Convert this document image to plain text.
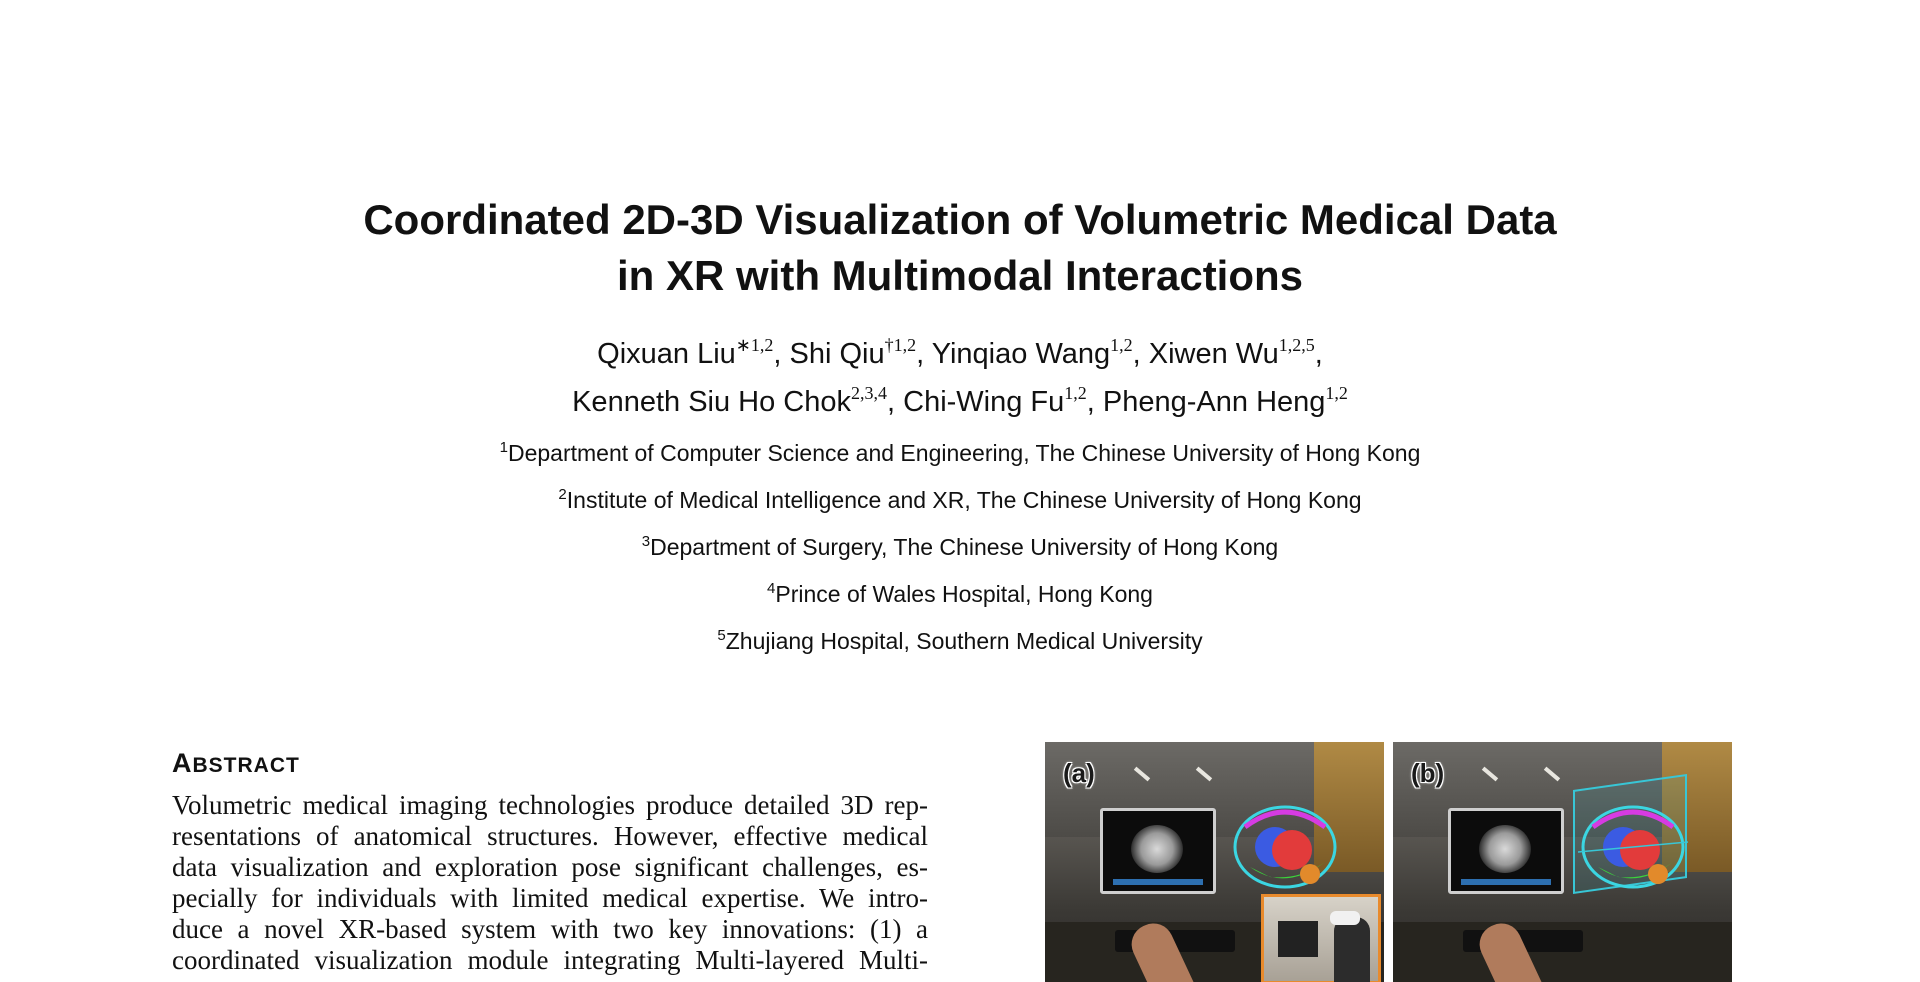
Coordinated 2D-3D Visualization of Volumetric Medical Data
in XR with Multimodal Interactions
Qixuan Liu$^{∗1,2}$, Shi Qiu$^{\dagger 1,2}$, Yinqiao Wang$^{1,2}$, Xiwen Wu$^{1,2,5}$,
Kenneth Siu Ho Chok$^{2,3,4}$, Chi-Wing Fu$^{1,2}$, Pheng-Ann Heng$^{1,2}$
$^1$Department of Computer Science and Engineering, The Chinese University of Hong Kong
$^2$Institute of Medical Intelligence and XR, The Chinese University of Hong Kong
$^3$Department of Surgery, The Chinese University of Hong Kong
$^4$Prince of Wales Hospital, Hong Kong
$^5$Zhujiang Hospital, Southern Medical University
ABSTRACT
Volumetric medical imaging technologies produce detailed 3D rep-
resentations of anatomical structures. However, effective medical
data visualization and exploration pose significant challenges, es-
pecially for individuals with limited medical expertise. We intro-
duce a novel XR-based system with two key innovations: (1) a
coordinated visualization module integrating Multi-layered Multi-
(a)	(b)
